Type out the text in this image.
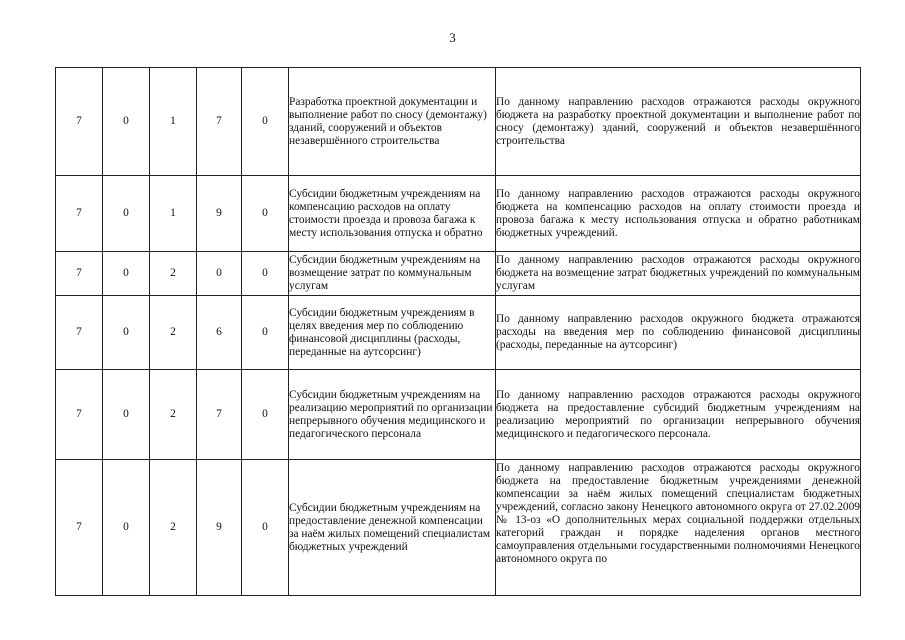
3
7	0	1	7	0	Разработка проектной документации и выполнение работ по сносу (демонтажу) зданий, сооружений и объектов незавершённого строительства	По данному направлению расходов отражаются расходы окружного бюджета на разработку проектной документации и выполнение работ по сносу (демонтажу) зданий, сооружений и объектов незавершённого строительства
7	0	1	9	0	Субсидии бюджетным учреждениям на компенсацию расходов на оплату стоимости проезда и провоза багажа к месту использования отпуска и обратно	По данному направлению расходов отражаются расходы окружного бюджета на компенсацию расходов на оплату стоимости проезда и провоза багажа к месту использования отпуска и обратно работникам бюджетных учреждений.
7	0	2	0	0	Субсидии бюджетным учреждениям на возмещение затрат по коммунальным услугам	По данному направлению расходов отражаются расходы окружного бюджета на возмещение затрат бюджетных учреждений по коммунальным услугам
7	0	2	6	0	Субсидии бюджетным учреждениям в целях введения мер по соблюдению финансовой дисциплины (расходы, переданные на аутсорсинг)	По данному направлению расходов окружного бюджета отражаются расходы на введения мер по соблюдению финансовой дисциплины (расходы, переданные на аутсорсинг)
7	0	2	7	0	Субсидии бюджетным учреждениям на реализацию мероприятий по организации непрерывного обучения медицинского и педагогического персонала	По данному направлению расходов отражаются расходы окружного бюджета на предоставление субсидий бюджетным учреждениям на реализацию мероприятий по организации непрерывного обучения медицинского и педагогического персонала.
7	0	2	9	0	Субсидии бюджетным учреждениям на предоставление денежной компенсации за наём жилых помещений специалистам бюджетных учреждений	По данному направлению расходов отражаются расходы окружного бюджета на предоставление бюджетным учреждениями денежной компенсации за наём жилых помещений специалистам бюджетных учреждений, согласно закону Ненецкого автономного округа от 27.02.2009 № 13-оз «О дополнительных мерах социальной поддержки отдельных категорий граждан и порядке наделения органов местного самоуправления отдельными государственными полномочиями Ненецкого автономного округа по
